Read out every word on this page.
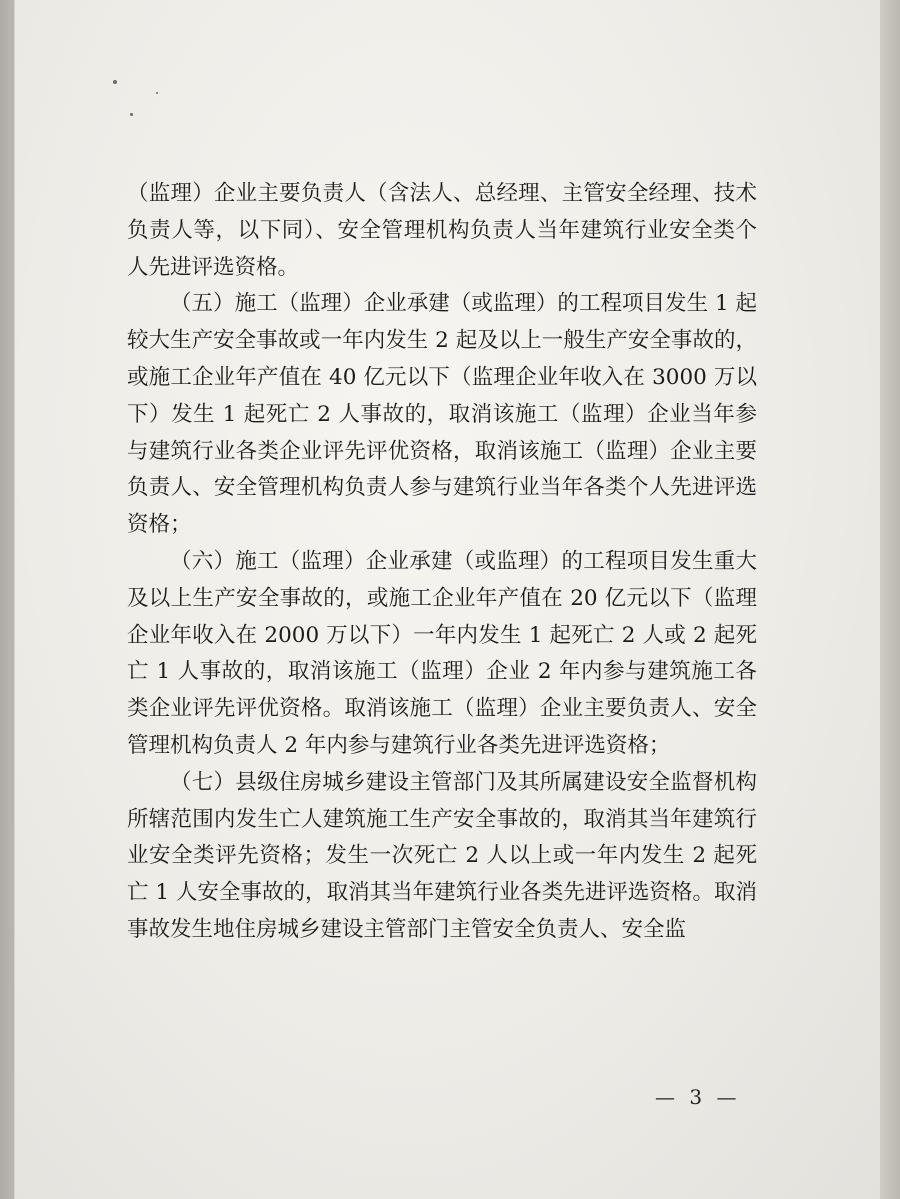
（监理）企业主要负责人（含法人、总经理、主管安全经理、技术负责人等，以下同）、安全管理机构负责人当年建筑行业安全类个人先进评选资格。

（五）施工（监理）企业承建（或监理）的工程项目发生 1 起较大生产安全事故或一年内发生 2 起及以上一般生产安全事故的，或施工企业年产值在 40 亿元以下（监理企业年收入在 3000 万以下）发生 1 起死亡 2 人事故的，取消该施工（监理）企业当年参与建筑行业各类企业评先评优资格，取消该施工（监理）企业主要负责人、安全管理机构负责人参与建筑行业当年各类个人先进评选资格；

（六）施工（监理）企业承建（或监理）的工程项目发生重大及以上生产安全事故的，或施工企业年产值在 20 亿元以下（监理企业年收入在 2000 万以下）一年内发生 1 起死亡 2 人或 2 起死亡 1 人事故的，取消该施工（监理）企业 2 年内参与建筑施工各类企业评先评优资格。取消该施工（监理）企业主要负责人、安全管理机构负责人 2 年内参与建筑行业各类先进评选资格；

（七）县级住房城乡建设主管部门及其所属建设安全监督机构所辖范围内发生亡人建筑施工生产安全事故的，取消其当年建筑行业安全类评先资格；发生一次死亡 2 人以上或一年内发生 2 起死亡 1 人安全事故的，取消其当年建筑行业各类先进评选资格。取消事故发生地住房城乡建设主管部门主管安全负责人、安全监

— 3 —
